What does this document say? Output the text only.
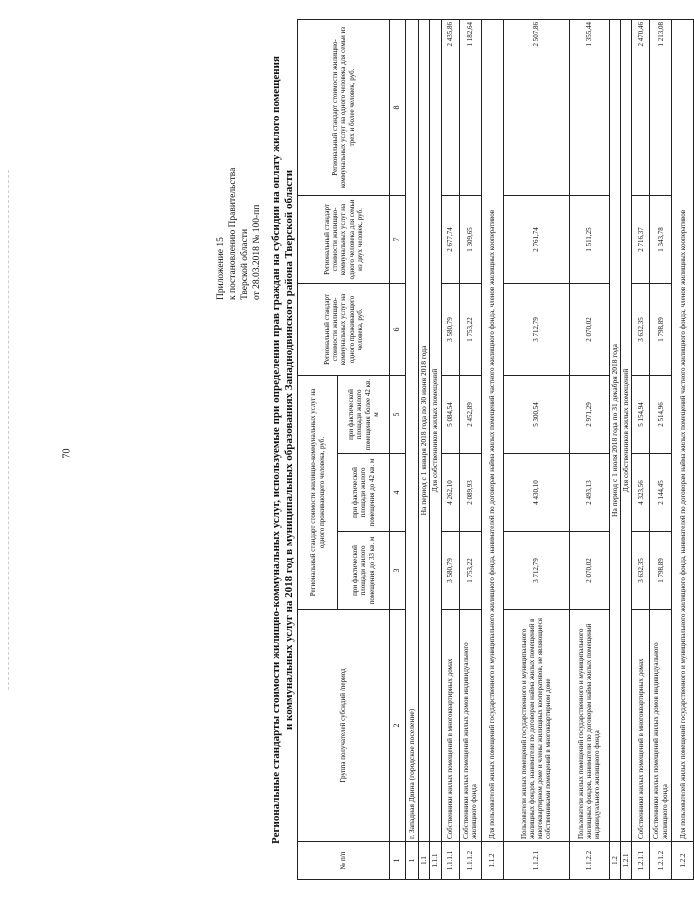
70
Приложение 15 к постановлению Правительства Тверской области от 28.03.2018 № 100-пп Региональные стандарты стоимости жилищно-коммунальных услуг, используемые при определении прав граждан на субсидии на оплату жилого помещения и коммунальных услуг на 2018 год в муниципальных образованиях Западнодвинского района Тверской области
№ п/п	Группа получателей субсидий /период	Региональный стандарт стоимости жилищно-коммунальных услуг на одного проживающего человека, руб.			Региональный стандарт стоимости жилищно-коммунальных услуг на одного проживающего человека, руб.	Региональный стандарт стоимости жилищно-коммунальных услуг на одного человека для семьи из двух человек, руб.	Региональный стандарт стоимости жилищно-коммунальных услуг на одного человека для семьи из трех и более человек, руб.
		при фактической площади жилого помещения до 33 кв. м	при фактической площади жилого помещения до 42 кв. м	при фактической площади жилого помещения более 42 кв. м			
1	2	3	4	5	6	7	8
1	г. Западная Двина (городское поселение)						
1.1	На период с 1 января 2018 года по 30 июня 2018 года						
1.1.1	Для собственников жилых помещений						
1.1.1.1	Собственники жилых помещений в многоквартирных домах	3 580,79	4 262,10	5 084,54	3 580,79	2 677,74	2 435,86
1.1.1.2	Собственники жилых помещений жилых домов индивидуального жилищного фонда	1 753,22	2 089,93	2 452,89	1 753,22	1 309,65	1 182,64
1.1.2	Для пользователей жилых помещений государственного и муниципального жилищного фонда, нанимателей по договорам найма жилых помещений частного жилищного фонда, членов жилищных кооперативов						
1.1.2.1	Пользователи жилых помещений государственного и муниципального жилищных фондов, наниматели по договорам найма жилых помещений в многоквартирном доме и члены жилищных кооперативов, не являющиеся собственниками помещений в многоквартирном доме	3 712,79	4 430,10	5 300,54	3 712,79	2 761,74	2 507,86
1.1.2.2	Пользователи жилых помещений государственного и муниципального жилищных фондов, наниматели по договорам найма жилых помещений индивидуального жилищного фонда	2 070,02	2 493,13	2 971,29	2 070,02	1 511,25	1 355,44
1.2	На период с 1 июля 2018 года по 31 декабря 2018 года						
1.2.1	Для собственников жилых помещений						
1.2.1.1	Собственники жилых помещений в многоквартирных домах	3 632,35	4 323,56	5 154,94	3 632,35	2 716,37	2 470,46
1.2.1.2	Собственники жилых помещений жилых домов индивидуального жилищного фонда	1 798,89	2 144,45	2 514,96	1 798,89	1 343,78	1 213,08
1.2.2	Для пользователей жилых помещений государственного и муниципального жилищного фонда, нанимателей по договорам найма жилых помещений частного жилищного фонда, членов жилищных кооперативов						
